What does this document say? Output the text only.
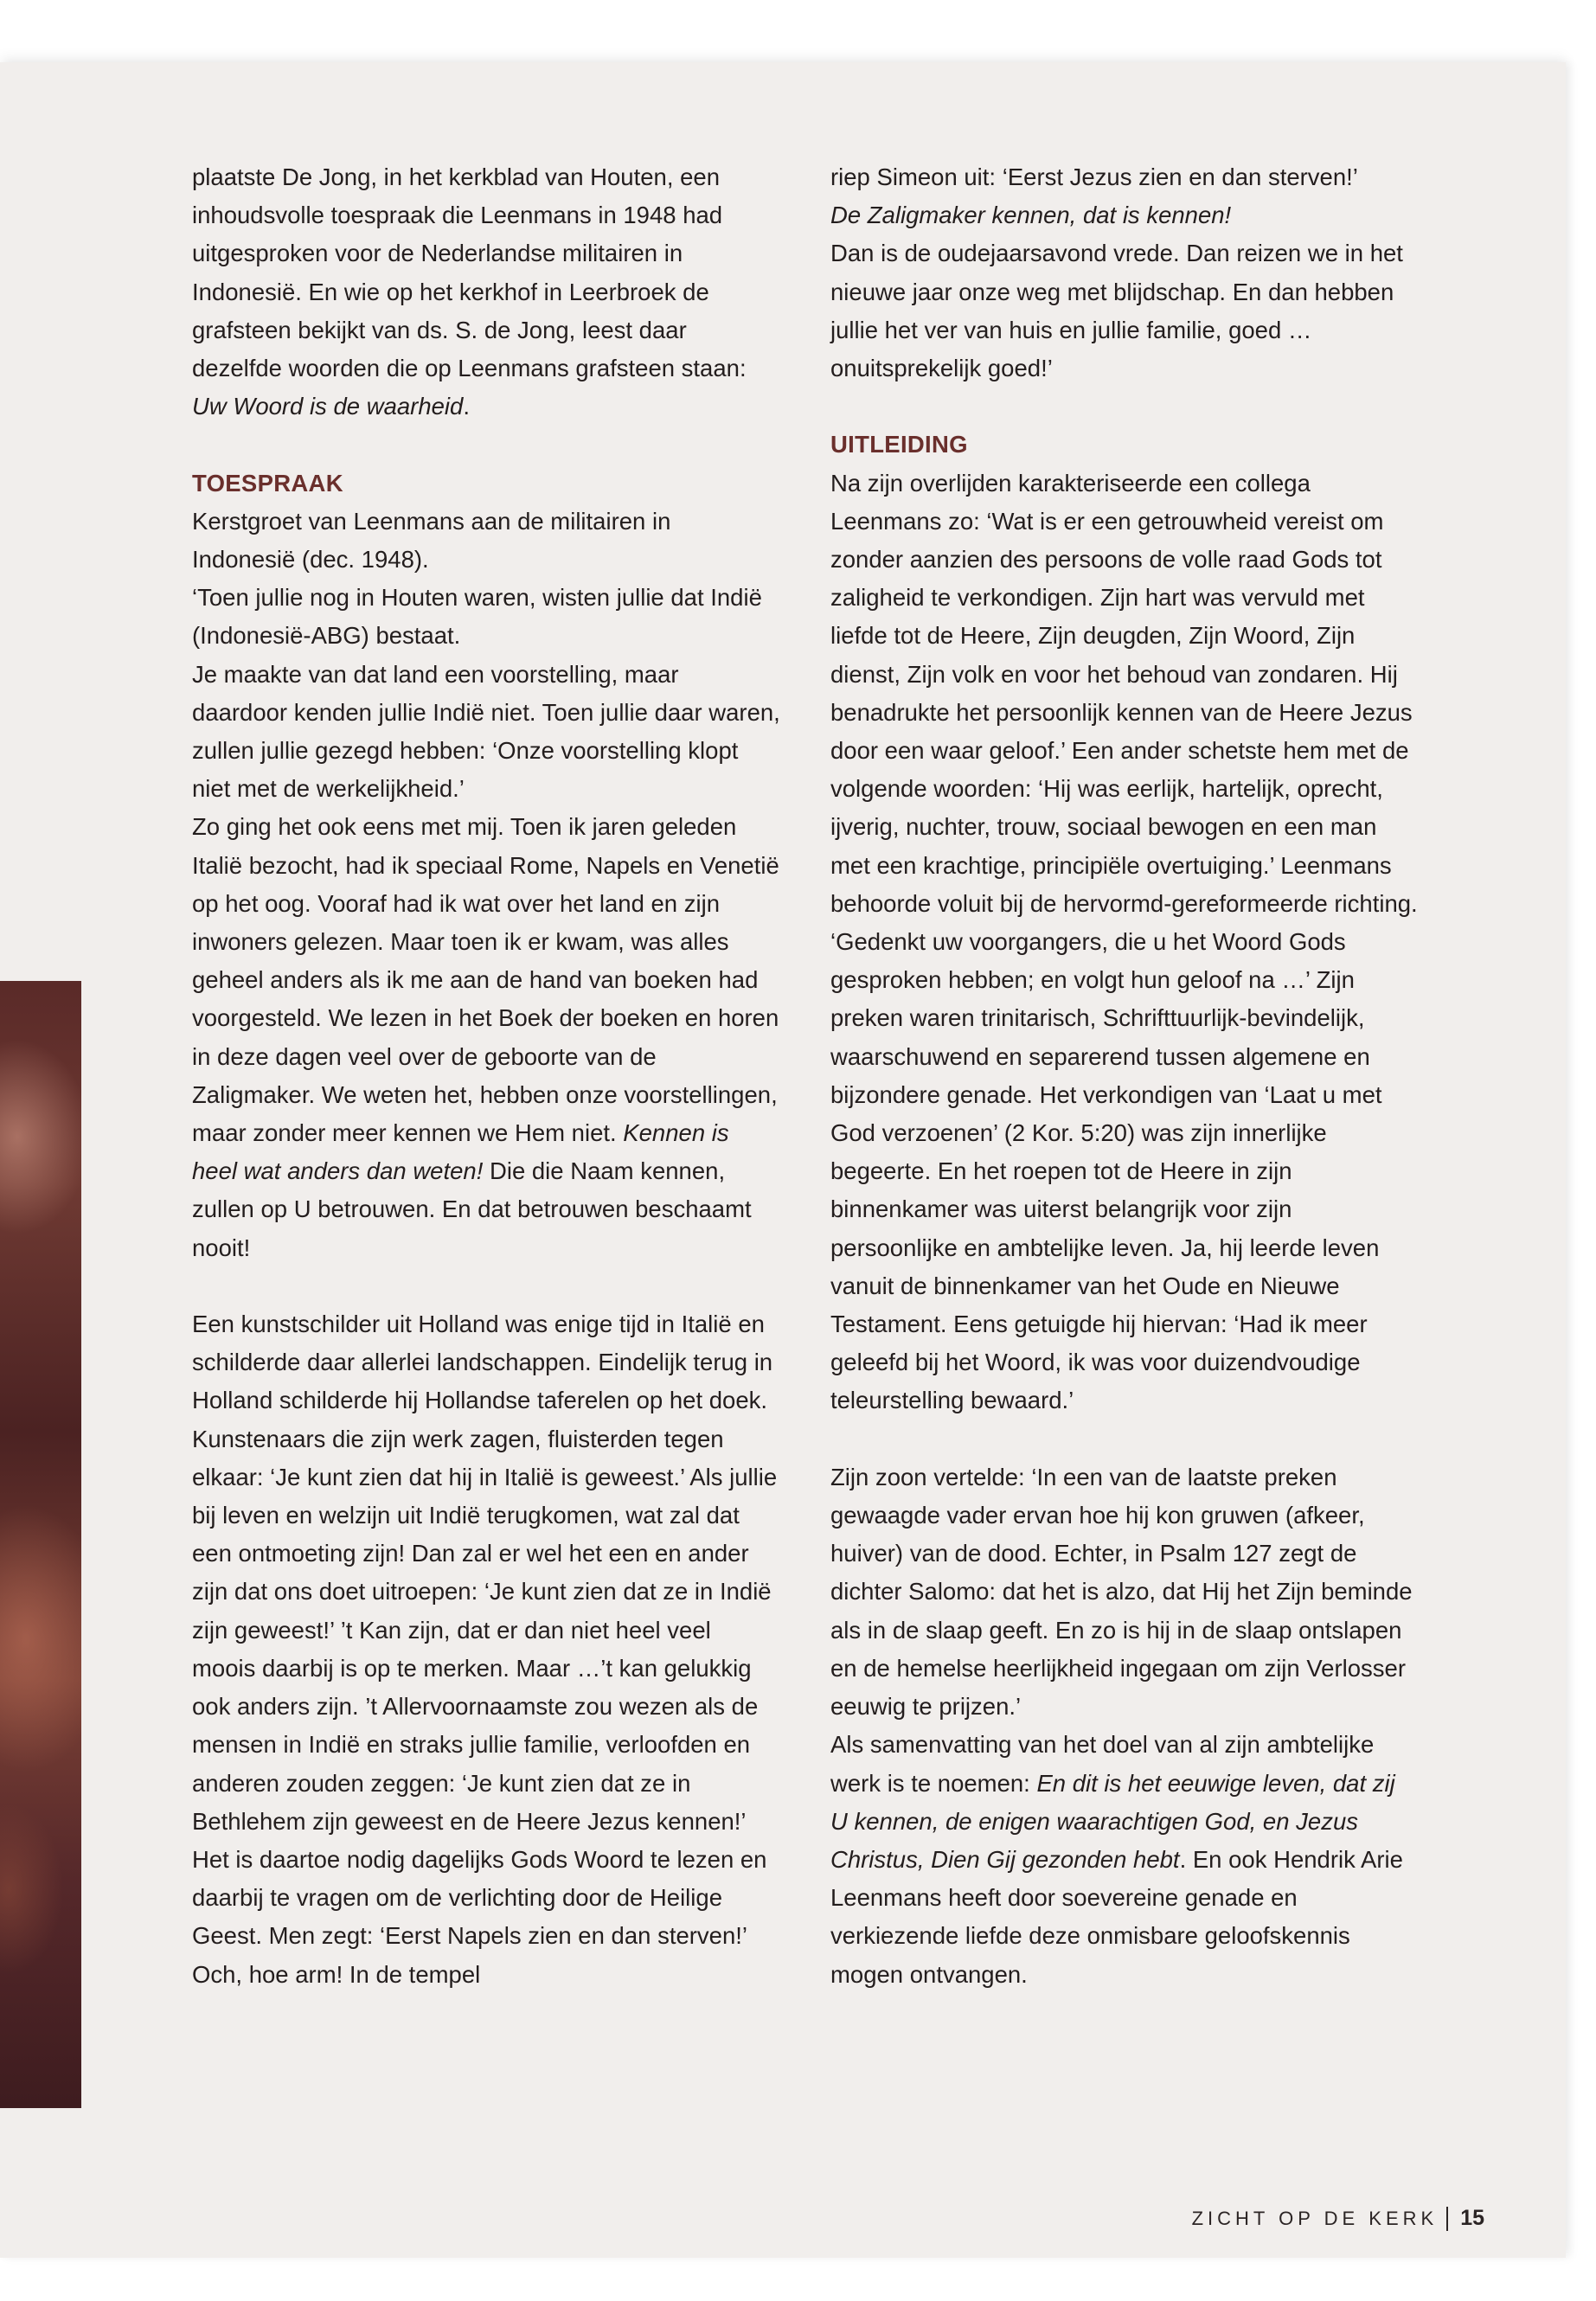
plaatste De Jong, in het kerkblad van Houten, een inhoudsvolle toespraak die Leenmans in 1948 had uitgesproken voor de Nederlandse militairen in Indonesië. En wie op het kerkhof in Leerbroek de grafsteen bekijkt van ds. S. de Jong, leest daar dezelfde woorden die op Leenmans grafsteen staan: Uw Woord is de waarheid.

TOESPRAAK

Kerstgroet van Leenmans aan de militairen in Indonesië (dec. 1948).

‘Toen jullie nog in Houten waren, wisten jullie dat Indië (Indonesië-ABG) bestaat.

Je maakte van dat land een voorstelling, maar daardoor kenden jullie Indië niet. Toen jullie daar waren, zullen jullie gezegd hebben: ‘Onze voorstelling klopt niet met de werkelijkheid.’

Zo ging het ook eens met mij. Toen ik jaren geleden Italië bezocht, had ik speciaal Rome, Napels en Venetië op het oog. Vooraf had ik wat over het land en zijn inwoners gelezen. Maar toen ik er kwam, was alles geheel anders als ik me aan de hand van boeken had voorgesteld. We lezen in het Boek der boeken en horen in deze dagen veel over de geboorte van de Zaligmaker. We weten het, hebben onze voorstellingen, maar zonder meer kennen we Hem niet. Kennen is heel wat anders dan weten! Die die Naam kennen, zullen op U betrouwen. En dat betrouwen beschaamt nooit!

Een kunstschilder uit Holland was enige tijd in Italië en schilderde daar allerlei landschappen. Eindelijk terug in Holland schilderde hij Hollandse taferelen op het doek. Kunstenaars die zijn werk zagen, fluisterden tegen elkaar: ‘Je kunt zien dat hij in Italië is geweest.’ Als jullie bij leven en welzijn uit Indië terugkomen, wat zal dat een ontmoeting zijn! Dan zal er wel het een en ander zijn dat ons doet uitroepen: ‘Je kunt zien dat ze in Indië zijn geweest!’ ’t Kan zijn, dat er dan niet heel veel moois daarbij is op te merken. Maar …’t kan gelukkig ook anders zijn. ’t Allervoornaamste zou wezen als de mensen in Indië en straks jullie familie, verloofden en anderen zouden zeggen: ‘Je kunt zien dat ze in Bethlehem zijn geweest en de Heere Jezus kennen!’ Het is daartoe nodig dagelijks Gods Woord te lezen en daarbij te vragen om de verlichting door de Heilige Geest. Men zegt: ‘Eerst Napels zien en dan sterven!’ Och, hoe arm! In de tempel

riep Simeon uit: ‘Eerst Jezus zien en dan sterven!’

De Zaligmaker kennen, dat is kennen!

Dan is de oudejaarsavond vrede. Dan reizen we in het nieuwe jaar onze weg met blijdschap. En dan hebben jullie het ver van huis en jullie familie, goed … onuitsprekelijk goed!’

UITLEIDING

Na zijn overlijden karakteriseerde een collega Leenmans zo: ‘Wat is er een getrouwheid vereist om zonder aanzien des persoons de volle raad Gods tot zaligheid te verkondigen. Zijn hart was vervuld met liefde tot de Heere, Zijn deugden, Zijn Woord, Zijn dienst, Zijn volk en voor het behoud van zondaren. Hij benadrukte het persoonlijk kennen van de Heere Jezus door een waar geloof.’ Een ander schetste hem met de volgende woorden: ‘Hij was eerlijk, hartelijk, oprecht, ijverig, nuchter, trouw, sociaal bewogen en een man met een krachtige, principiële overtuiging.’ Leenmans behoorde voluit bij de hervormd-gereformeerde richting. ‘Gedenkt uw voorgangers, die u het Woord Gods gesproken hebben; en volgt hun geloof na …’ Zijn preken waren trinitarisch, Schrifttuurlijk-bevindelijk, waarschuwend en separerend tussen algemene en bijzondere genade. Het verkondigen van ‘Laat u met God verzoenen’ (2 Kor. 5:20) was zijn innerlijke begeerte. En het roepen tot de Heere in zijn binnenkamer was uiterst belangrijk voor zijn persoonlijke en ambtelijke leven. Ja, hij leerde leven vanuit de binnenkamer van het Oude en Nieuwe Testament. Eens getuigde hij hiervan: ‘Had ik meer geleefd bij het Woord, ik was voor duizendvoudige teleurstelling bewaard.’

Zijn zoon vertelde: ‘In een van de laatste preken gewaagde vader ervan hoe hij kon gruwen (afkeer, huiver) van de dood. Echter, in Psalm 127 zegt de dichter Salomo: dat het is alzo, dat Hij het Zijn beminde als in de slaap geeft. En zo is hij in de slaap ontslapen en de hemelse heerlijkheid ingegaan om zijn Verlosser eeuwig te prijzen.’

Als samenvatting van het doel van al zijn ambtelijke werk is te noemen: En dit is het eeuwige leven, dat zij U kennen, de enigen waarachtigen God, en Jezus Christus, Dien Gij gezonden hebt. En ook Hendrik Arie Leenmans heeft door soevereine genade en verkiezende liefde deze onmisbare geloofskennis mogen ontvangen.

ZICHT OP DE KERK 15
